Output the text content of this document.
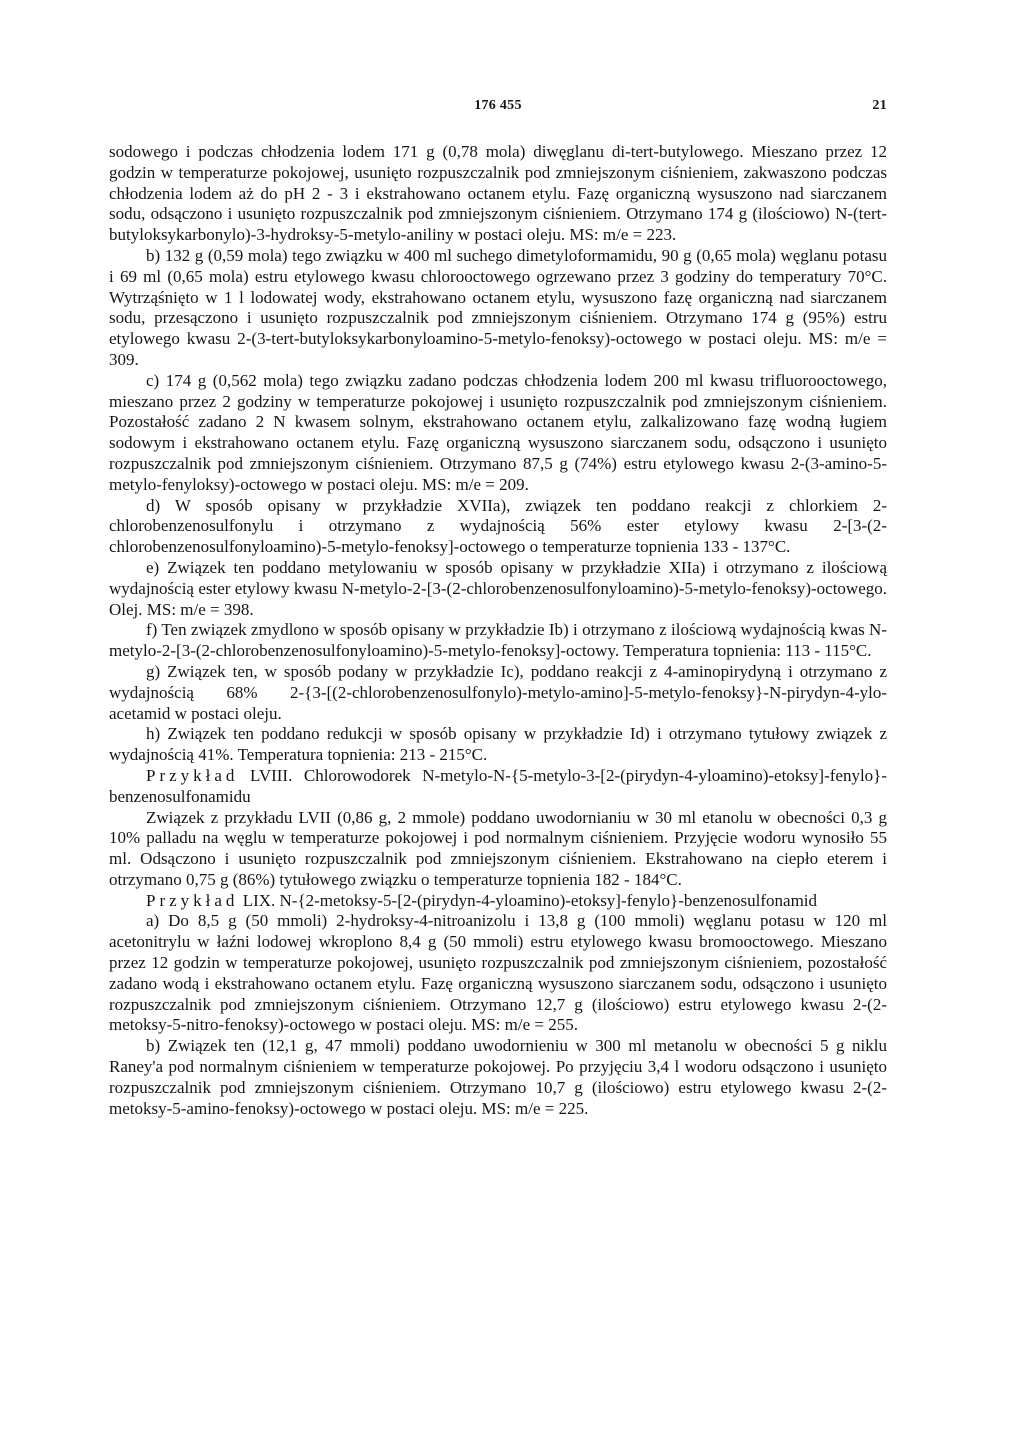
176 455	21

sodowego i podczas chłodzenia lodem 171 g (0,78 mola) diwęglanu di-tert-butylowego. Mieszano przez 12 godzin w temperaturze pokojowej, usunięto rozpuszczalnik pod zmniejszonym ciśnieniem, zakwaszono podczas chłodzenia lodem aż do pH 2 - 3 i ekstrahowano octanem etylu. Fazę organiczną wysuszono nad siarczanem sodu, odsączono i usunięto rozpuszczalnik pod zmniejszonym ciśnieniem. Otrzymano 174 g (ilościowo) N-(tert-butyloksykarbonylo)-3-hydroksy-5-metylo-aniliny w postaci oleju. MS: m/e = 223.

b) 132 g (0,59 mola) tego związku w 400 ml suchego dimetyloformamidu, 90 g (0,65 mola) węglanu potasu i 69 ml (0,65 mola) estru etylowego kwasu chlorooctowego ogrzewano przez 3 godziny do temperatury 70°C. Wytrząśnięto w 1 l lodowatej wody, ekstrahowano octanem etylu, wysuszono fazę organiczną nad siarczanem sodu, przesączono i usunięto rozpuszczalnik pod zmniejszonym ciśnieniem. Otrzymano 174 g (95%) estru etylowego kwasu 2-(3-tert-butyloksykarbonyloamino-5-metylo-fenoksy)-octowego w postaci oleju. MS: m/e = 309.

c) 174 g (0,562 mola) tego związku zadano podczas chłodzenia lodem 200 ml kwasu trifluorooctowego, mieszano przez 2 godziny w temperaturze pokojowej i usunięto rozpuszczalnik pod zmniejszonym ciśnieniem. Pozostałość zadano 2 N kwasem solnym, ekstrahowano octanem etylu, zalkalizowano fazę wodną ługiem sodowym i ekstrahowano octanem etylu. Fazę organiczną wysuszono siarczanem sodu, odsączono i usunięto rozpuszczalnik pod zmniejszonym ciśnieniem. Otrzymano 87,5 g (74%) estru etylowego kwasu 2-(3-amino-5-metylo-fenyloksy)-octowego w postaci oleju. MS: m/e = 209.

d) W sposób opisany w przykładzie XVIIa), związek ten poddano reakcji z chlorkiem 2-chlorobenzenosulfonylu i otrzymano z wydajnością 56% ester etylowy kwasu 2-[3-(2-chlorobenzenosulfonyloamino)-5-metylo-fenoksy]-octowego o temperaturze topnienia 133 - 137°C.

e) Związek ten poddano metylowaniu w sposób opisany w przykładzie XIIa) i otrzymano z ilościową wydajnością ester etylowy kwasu N-metylo-2-[3-(2-chlorobenzenosulfonyloamino)-5-metylo-fenoksy)-octowego. Olej. MS: m/e = 398.

f) Ten związek zmydlono w sposób opisany w przykładzie Ib) i otrzymano z ilościową wydajnością kwas N-metylo-2-[3-(2-chlorobenzenosulfonyloamino)-5-metylo-fenoksy]-octowy. Temperatura topnienia: 113 - 115°C.

g) Związek ten, w sposób podany w przykładzie Ic), poddano reakcji z 4-aminopirydyną i otrzymano z wydajnością 68% 2-{3-[(2-chlorobenzenosulfonylo)-metylo-amino]-5-metylo-fenoksy}-N-pirydyn-4-ylo-acetamid w postaci oleju.

h) Związek ten poddano redukcji w sposób opisany w przykładzie Id) i otrzymano tytułowy związek z wydajnością 41%. Temperatura topnienia: 213 - 215°C.

Przykład LVIII. Chlorowodorek N-metylo-N-{5-metylo-3-[2-(pirydyn-4-yloamino)-etoksy]-fenylo}-benzenosulfonamidu

Związek z przykładu LVII (0,86 g, 2 mmole) poddano uwodornianiu w 30 ml etanolu w obecności 0,3 g 10% palladu na węglu w temperaturze pokojowej i pod normalnym ciśnieniem. Przyjęcie wodoru wynosiło 55 ml. Odsączono i usunięto rozpuszczalnik pod zmniejszonym ciśnieniem. Ekstrahowano na ciepło eterem i otrzymano 0,75 g (86%) tytułowego związku o temperaturze topnienia 182 - 184°C.

Przykład LIX. N-{2-metoksy-5-[2-(pirydyn-4-yloamino)-etoksy]-fenylo}-benzenosulfonamid

a) Do 8,5 g (50 mmoli) 2-hydroksy-4-nitroanizolu i 13,8 g (100 mmoli) węglanu potasu w 120 ml acetonitrylu w łaźni lodowej wkroplono 8,4 g (50 mmoli) estru etylowego kwasu bromooctowego. Mieszano przez 12 godzin w temperaturze pokojowej, usunięto rozpuszczalnik pod zmniejszonym ciśnieniem, pozostałość zadano wodą i ekstrahowano octanem etylu. Fazę organiczną wysuszono siarczanem sodu, odsączono i usunięto rozpuszczalnik pod zmniejszonym ciśnieniem. Otrzymano 12,7 g (ilościowo) estru etylowego kwasu 2-(2-metoksy-5-nitro-fenoksy)-octowego w postaci oleju. MS: m/e = 255.

b) Związek ten (12,1 g, 47 mmoli) poddano uwodornieniu w 300 ml metanolu w obecności 5 g niklu Raney'a pod normalnym ciśnieniem w temperaturze pokojowej. Po przyjęciu 3,4 l wodoru odsączono i usunięto rozpuszczalnik pod zmniejszonym ciśnieniem. Otrzymano 10,7 g (ilościowo) estru etylowego kwasu 2-(2-metoksy-5-amino-fenoksy)-octowego w postaci oleju. MS: m/e = 225.
